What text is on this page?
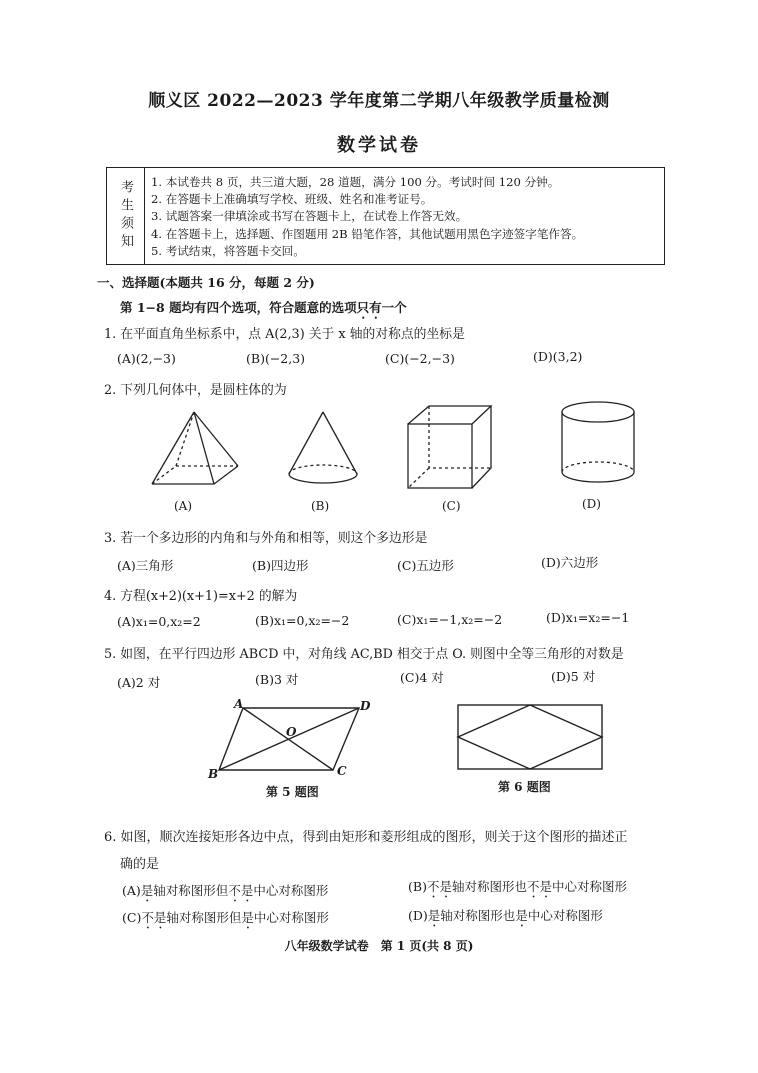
顺义区 2022—2023 学年度第二学期八年级教学质量检测
数学试卷
考生须知 1. 本试卷共 8 页，共三道大题，28 道题，满分 100 分。考试时间 120 分钟。
2. 在答题卡上准确填写学校、班级、姓名和准考证号。
3. 试题答案一律填涂或书写在答题卡上，在试卷上作答无效。
4. 在答题卡上，选择题、作图题用 2B 铅笔作答，其他试题用黑色字迹签字笔作答。
5. 考试结束，将答题卡交回。
一、选择题(本题共 16 分，每题 2 分)
第 1−8 题均有四个选项，符合题意的选项只有一个
1. 在平面直角坐标系中，点 A(2,3) 关于 x 轴的对称点的坐标是
(A)(2,−3)	(B)(−2,3)	(C)(−2,−3)	(D)(3,2)
2. 下列几何体中，是圆柱体的为
(A)	(B)	(C)	(D)
3. 若一个多边形的内角和与外角和相等，则这个多边形是
(A)三角形	(B)四边形	(C)五边形	(D)六边形
4. 方程(x+2)(x+1)=x+2 的解为
(A)x₁=0,x₂=2	(B)x₁=0,x₂=−2	(C)x₁=−1,x₂=−2	(D)x₁=x₂=−1
5. 如图，在平行四边形 ABCD 中，对角线 AC,BD 相交于点 O. 则图中全等三角形的对数是
(A)2 对	(B)3 对	(C)4 对	(D)5 对
A	D
O
B	C
第 5 题图	第 6 题图
6. 如图，顺次连接矩形各边中点，得到由矩形和菱形组成的图形，则关于这个图形的描述正
确的是
(A)是轴对称图形但不是中心对称图形	(B)不是轴对称图形也不是中心对称图形
(C)不是轴对称图形但是中心对称图形	(D)是轴对称图形也是中心对称图形
八年级数学试卷　第 1 页(共 8 页)
